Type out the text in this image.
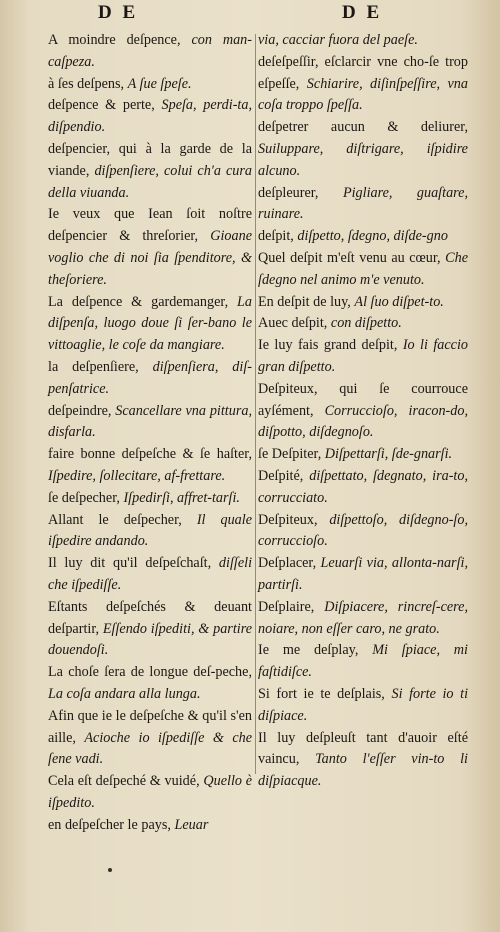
D E	D E

A moindre deſpence, con man-caſpeza.

à ſes deſpens, A ſue ſpeſe.

deſpence & perte, Speſa, perdi-ta, diſpendio.

deſpencier, qui à la garde de la viande, diſpenſiere, colui ch'a cura della viuanda.

Ie veux que Iean ſoit noſtre deſpencier & threſorier, Gioane voglio che di noi ſia ſpenditore, & theſoriere.

La deſpence & gardemanger, La diſpenſa, luogo doue ſi ſer-bano le vittoaglie, le coſe da mangiare.

la deſpenſiere, diſpenſiera, diſ-penſatrice.

deſpeindre, Scancellare vna pittura, disfarla.

faire bonne deſpeſche & ſe haſter, Iſpedire, ſollecitare, af-frettare.

ſe deſpecher, Iſpedirſi, affret-tarſi.

Allant le deſpecher, Il quale iſpedire andando.

Il luy dit qu'il deſpeſchaſt, diſſeli che iſpediſſe.

Eſtants deſpeſchés & deuant deſpartir, Eſſendo iſpediti, & partire douendoſi.

La choſe ſera de longue deſ-peche, La coſa andara alla lunga.

Afin que ie le deſpeſche & qu'il s'en aille, Acioche io iſpediſſe & che ſene vadi.

Cela eſt deſpeché & vuidé, Quello è iſpedito.

en deſpeſcher le pays, Leuar

via, cacciar fuora del paeſe.

deſeſpeſſir, eſclarcir vne cho-ſe trop eſpeſſe, Schiarire, diſinſpeſſire, vna coſa troppo ſpeſſa.

deſpetrer aucun & deliurer, Suiluppare, diſtrigare, iſpidire alcuno.

deſpleurer, Pigliare, guaſtare, ruinare.

deſpit, diſpetto, ſdegno, diſde-gno

Quel deſpit m'eſt venu au cœur, Che ſdegno nel animo m'e venuto.

En deſpit de luy, Al ſuo diſpet-to.

Auec deſpit, con diſpetto.

Ie luy fais grand deſpit, Io li faccio gran diſpetto.

Deſpiteux, qui ſe courrouce ayſément, Corruccioſo, iracon-do, diſpotto, diſdegnoſo.

ſe Deſpiter, Diſpettarſi, ſde-gnarſi.

Deſpité, diſpettato, ſdegnato, ira-to, corrucciato.

Deſpiteux, diſpettoſo, diſdegno-ſo, corruccioſo.

Deſplacer, Leuarſi via, allonta-narſi, partirſi.

Deſplaire, Diſpiacere, rincreſ-cere, noiare, non eſſer caro, ne grato.

Ie me deſplay, Mi ſpiace, mi faſtidiſce.

Si fort ie te deſplais, Si forte io ti diſpiace.

Il luy deſpleuſt tant d'auoir eſté vaincu, Tanto l'eſſer vin-to li diſpiacque.
